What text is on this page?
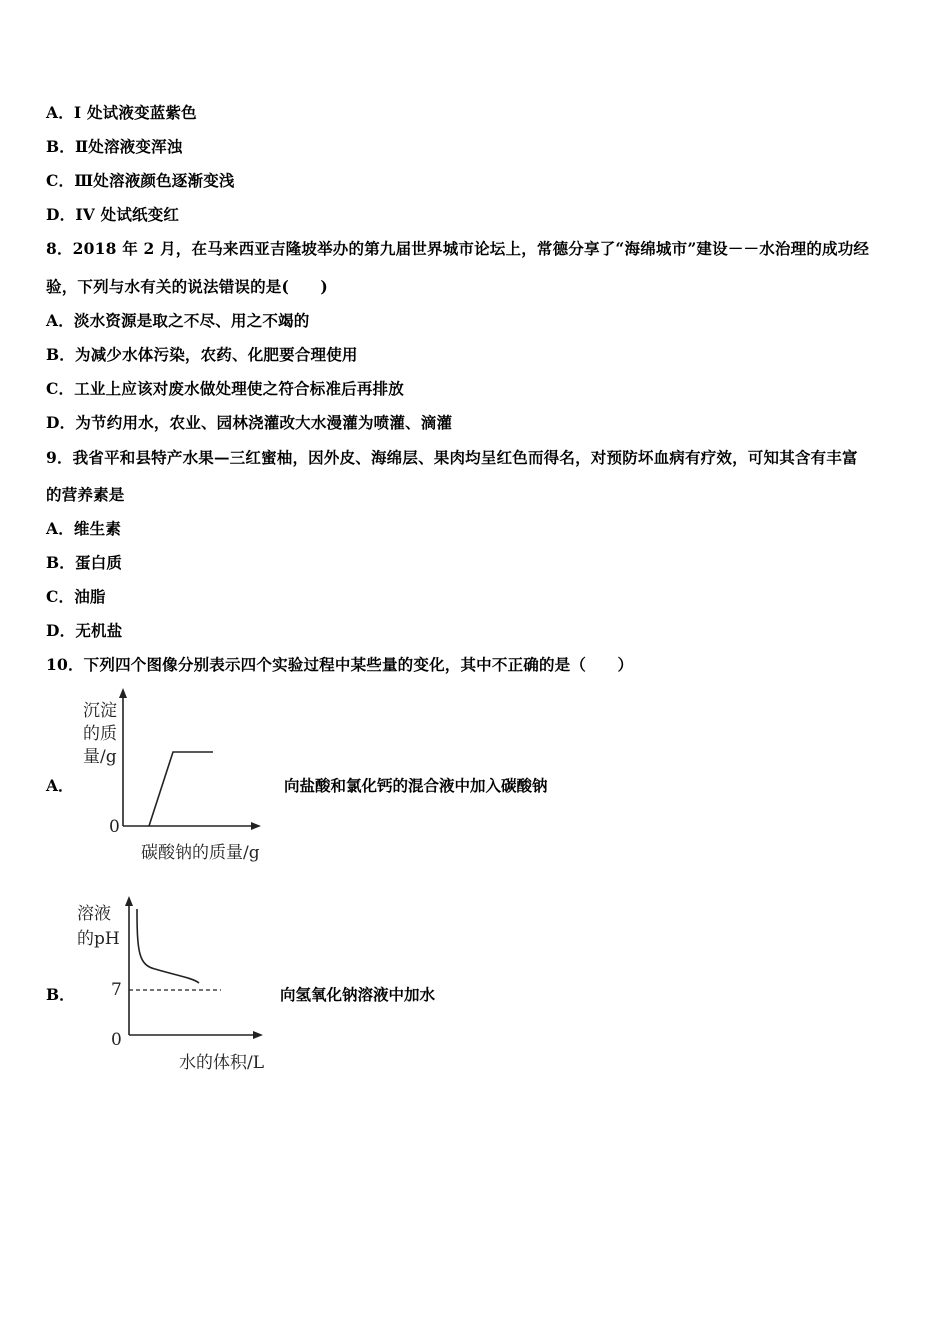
A．I 处试液变蓝紫色
B．Ⅱ处溶液变浑浊
C．Ⅲ处溶液颜色逐渐变浅
D．IV 处试纸变红
8．2018 年 2 月，在马来西亚吉隆坡举办的第九届世界城市论坛上，常德分享了“海绵城市”建设－－水治理的成功经
验，下列与水有关的说法错误的是(　　)
A．淡水资源是取之不尽、用之不竭的
B．为减少水体污染，农药、化肥要合理使用
C．工业上应该对废水做处理使之符合标准后再排放
D．为节约用水，农业、园林浇灌改大水漫灌为喷灌、滴灌
9．我省平和县特产水果—三红蜜柚，因外皮、海绵层、果肉均呈红色而得名，对预防坏血病有疗效，可知其含有丰富
的营养素是
A．维生素
B．蛋白质
C．油脂
D．无机盐
10．下列四个图像分别表示四个实验过程中某些量的变化，其中不正确的是（　　）
A．
沉淀
的质
量/g
0
碳酸钠的质量/g
向盐酸和氯化钙的混合液中加入碳酸钠
B．
溶液
的pH
7
0
水的体积/L
向氢氧化钠溶液中加水
